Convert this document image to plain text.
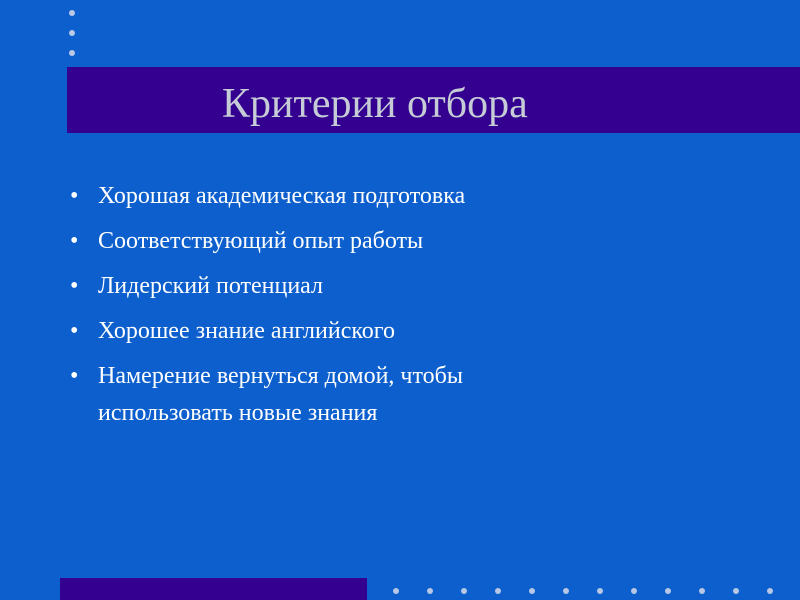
Критерии отбора
• Хорошая академическая подготовка
• Соответствующий опыт работы
• Лидерский потенциал
• Хорошее знание английского
• Намерение вернуться домой, чтобы использовать новые знания
